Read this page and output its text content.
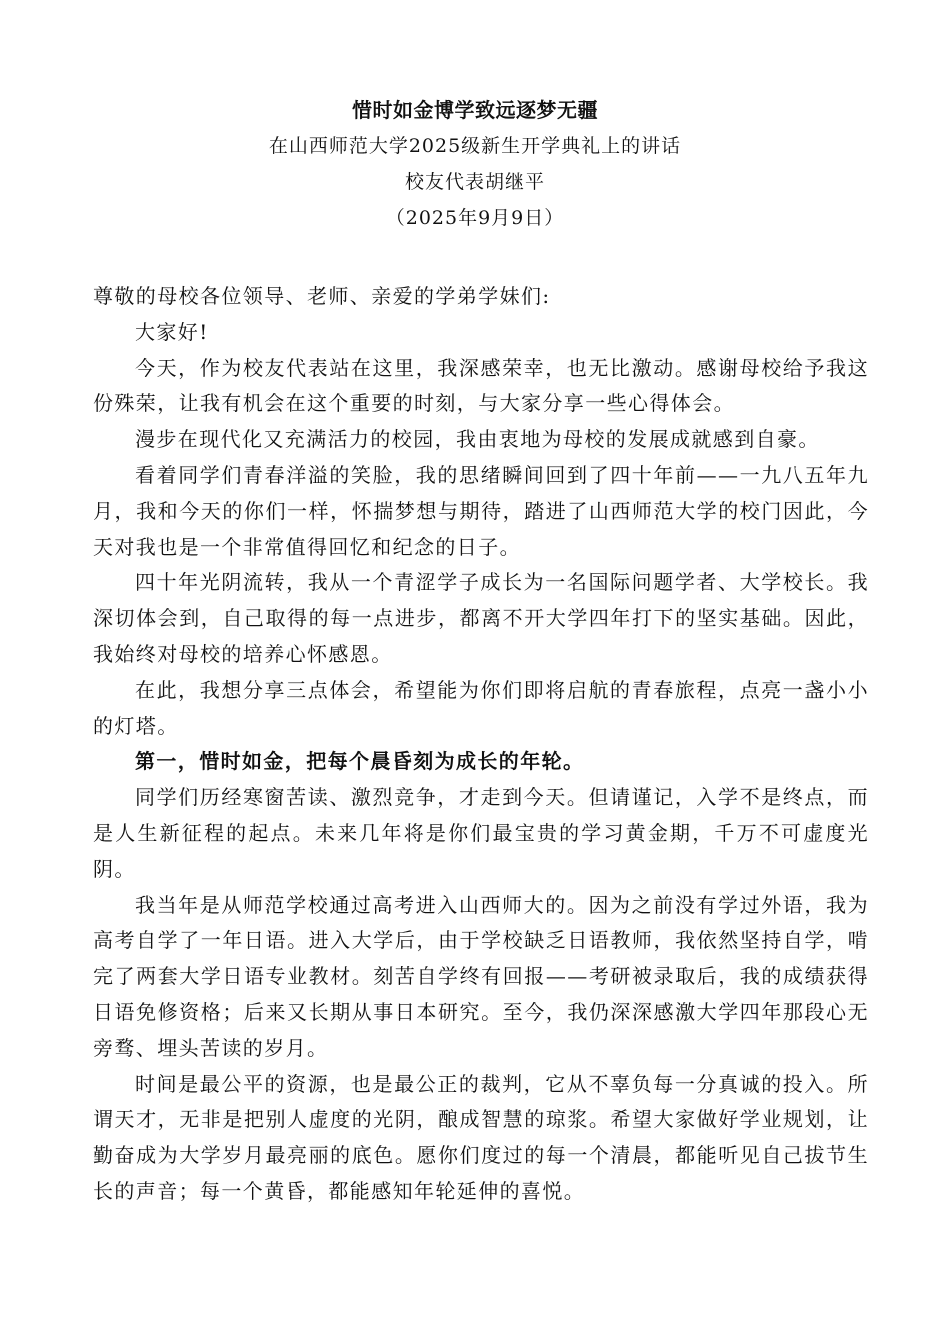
惜时如金博学致远逐梦无疆

在山西师范大学2025级新生开学典礼上的讲话

校友代表胡继平

（2025年9月9日）

尊敬的母校各位领导、老师、亲爱的学弟学妹们:

大家好!

今天，作为校友代表站在这里，我深感荣幸，也无比激动。感谢母校给予我这份殊荣，让我有机会在这个重要的时刻，与大家分享一些心得体会。

漫步在现代化又充满活力的校园，我由衷地为母校的发展成就感到自豪。

看着同学们青春洋溢的笑脸，我的思绪瞬间回到了四十年前——一九八五年九月，我和今天的你们一样，怀揣梦想与期待，踏进了山西师范大学的校门因此，今天对我也是一个非常值得回忆和纪念的日子。

四十年光阴流转，我从一个青涩学子成长为一名国际问题学者、大学校长。我深切体会到，自己取得的每一点进步，都离不开大学四年打下的坚实基础。因此，我始终对母校的培养心怀感恩。

在此，我想分享三点体会，希望能为你们即将启航的青春旅程，点亮一盏小小的灯塔。

第一，惜时如金，把每个晨昏刻为成长的年轮。

同学们历经寒窗苦读、激烈竞争，才走到今天。但请谨记，入学不是终点，而是人生新征程的起点。未来几年将是你们最宝贵的学习黄金期，千万不可虚度光阴。

我当年是从师范学校通过高考进入山西师大的。因为之前没有学过外语，我为高考自学了一年日语。进入大学后，由于学校缺乏日语教师，我依然坚持自学，啃完了两套大学日语专业教材。刻苦自学终有回报——考研被录取后，我的成绩获得日语免修资格；后来又长期从事日本研究。至今，我仍深深感激大学四年那段心无旁骛、埋头苦读的岁月。

时间是最公平的资源，也是最公正的裁判，它从不辜负每一分真诚的投入。所谓天才，无非是把别人虚度的光阴，酿成智慧的琼浆。希望大家做好学业规划，让勤奋成为大学岁月最亮丽的底色。愿你们度过的每一个清晨，都能听见自己拔节生长的声音；每一个黄昏，都能感知年轮延伸的喜悦。
